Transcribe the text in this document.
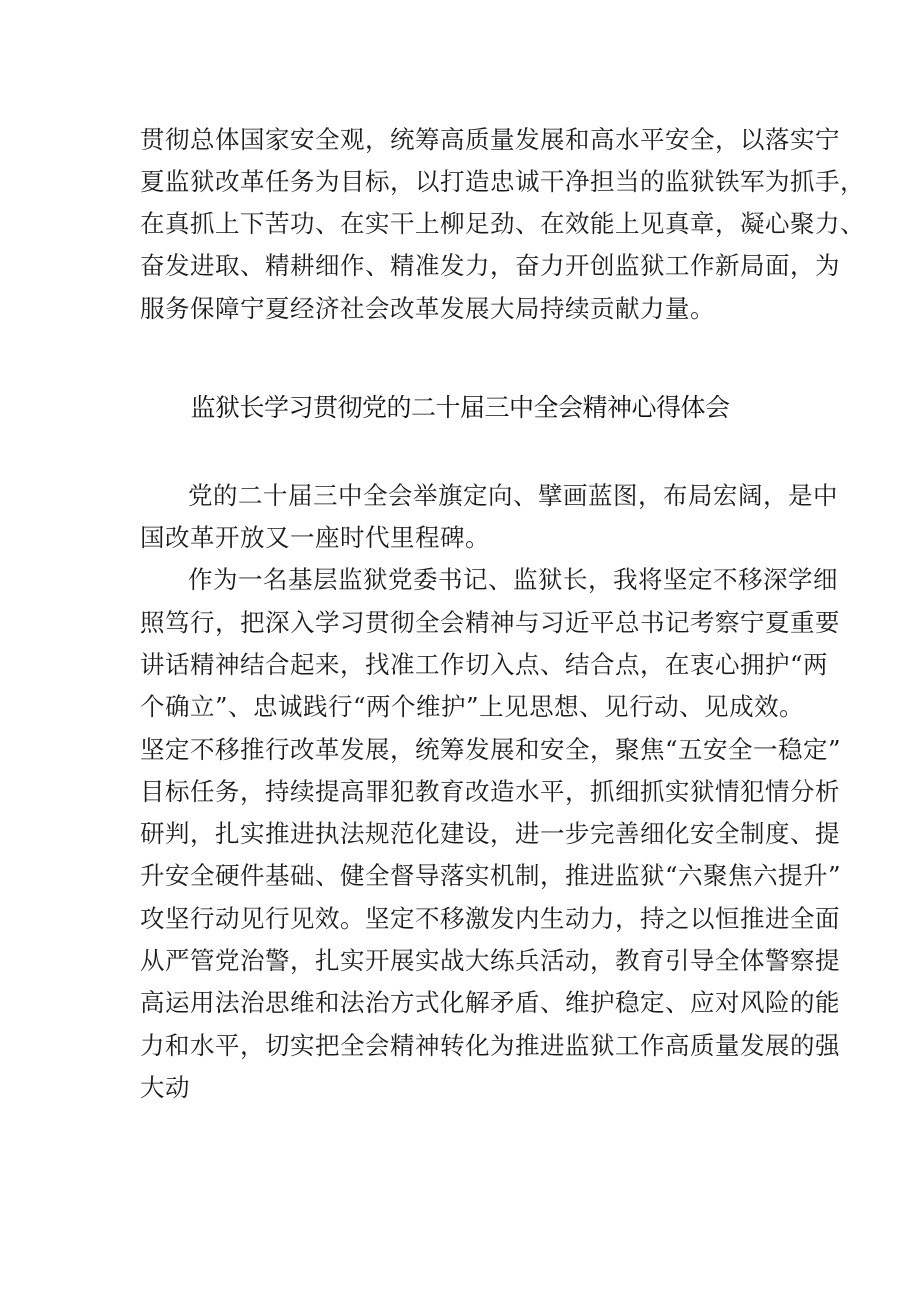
贯彻总体国家安全观，统筹高质量发展和高水平安全，以落实宁
夏监狱改革任务为目标，以打造忠诚干净担当的监狱铁军为抓手，
在真抓上下苦功、在实干上柳足劲、在效能上见真章，凝心聚力、
奋发进取、精耕细作、精准发力，奋力开创监狱工作新局面，为
服务保障宁夏经济社会改革发展大局持续贡献力量。
监狱长学习贯彻党的二十届三中全会精神心得体会
党的二十届三中全会举旗定向、擘画蓝图，布局宏阔，是中
国改革开放又一座时代里程碑。
作为一名基层监狱党委书记、监狱长，我将坚定不移深学细
照笃行，把深入学习贯彻全会精神与习近平总书记考察宁夏重要
讲话精神结合起来，找准工作切入点、结合点，在衷心拥护“两
个确立”、忠诚践行“两个维护”上见思想、见行动、见成效。
坚定不移推行改革发展，统筹发展和安全，聚焦“五安全一稳定”
目标任务，持续提高罪犯教育改造水平，抓细抓实狱情犯情分析
研判，扎实推进执法规范化建设，进一步完善细化安全制度、提
升安全硬件基础、健全督导落实机制，推进监狱“六聚焦六提升”
攻坚行动见行见效。坚定不移激发内生动力，持之以恒推进全面
从严管党治警，扎实开展实战大练兵活动，教育引导全体警察提
高运用法治思维和法治方式化解矛盾、维护稳定、应对风险的能
力和水平，切实把全会精神转化为推进监狱工作高质量发展的强
大动
